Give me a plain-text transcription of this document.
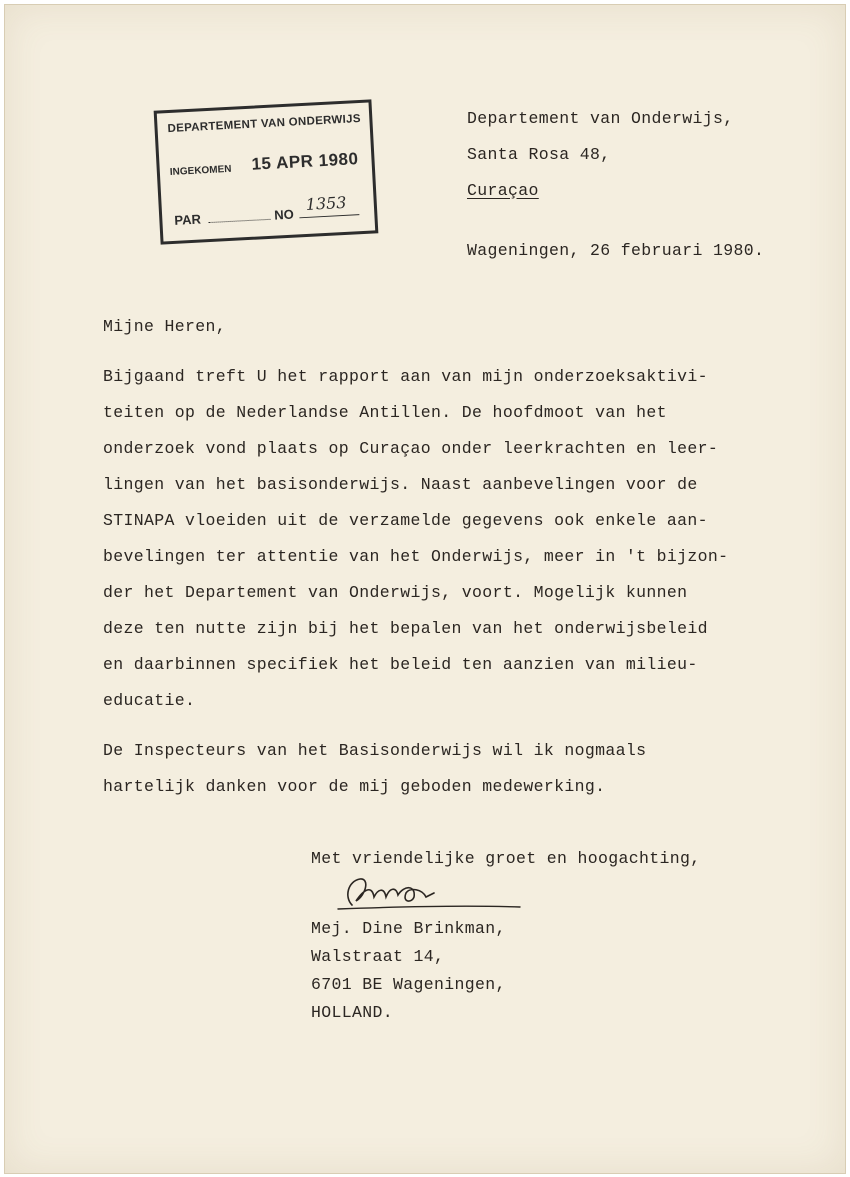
DEPARTEMENT VAN ONDERWIJS
INGEKOMEN 15 APR 1980
PAR	NO
1353
Departement van Onderwijs,
Santa Rosa 48,
Curaçao
Wageningen, 26 februari 1980.
Mijne Heren,
Bijgaand treft U het rapport aan van mijn onderzoeksaktivi-
teiten op de Nederlandse Antillen. De hoofdmoot van het
onderzoek vond plaats op Curaçao onder leerkrachten en leer-
lingen van het basisonderwijs. Naast aanbevelingen voor de
STINAPA vloeiden uit de verzamelde gegevens ook enkele aan-
bevelingen ter attentie van het Onderwijs, meer in 't bijzon-
der het Departement van Onderwijs, voort. Mogelijk kunnen
deze ten nutte zijn bij het bepalen van het onderwijsbeleid
en daarbinnen specifiek het beleid ten aanzien van milieu-
educatie.
De Inspecteurs van het Basisonderwijs wil ik nogmaals
hartelijk danken voor de mij geboden medewerking.
Met vriendelijke groet en hoogachting,
Mej. Dine Brinkman,
Walstraat 14,
6701 BE Wageningen,
HOLLAND.
